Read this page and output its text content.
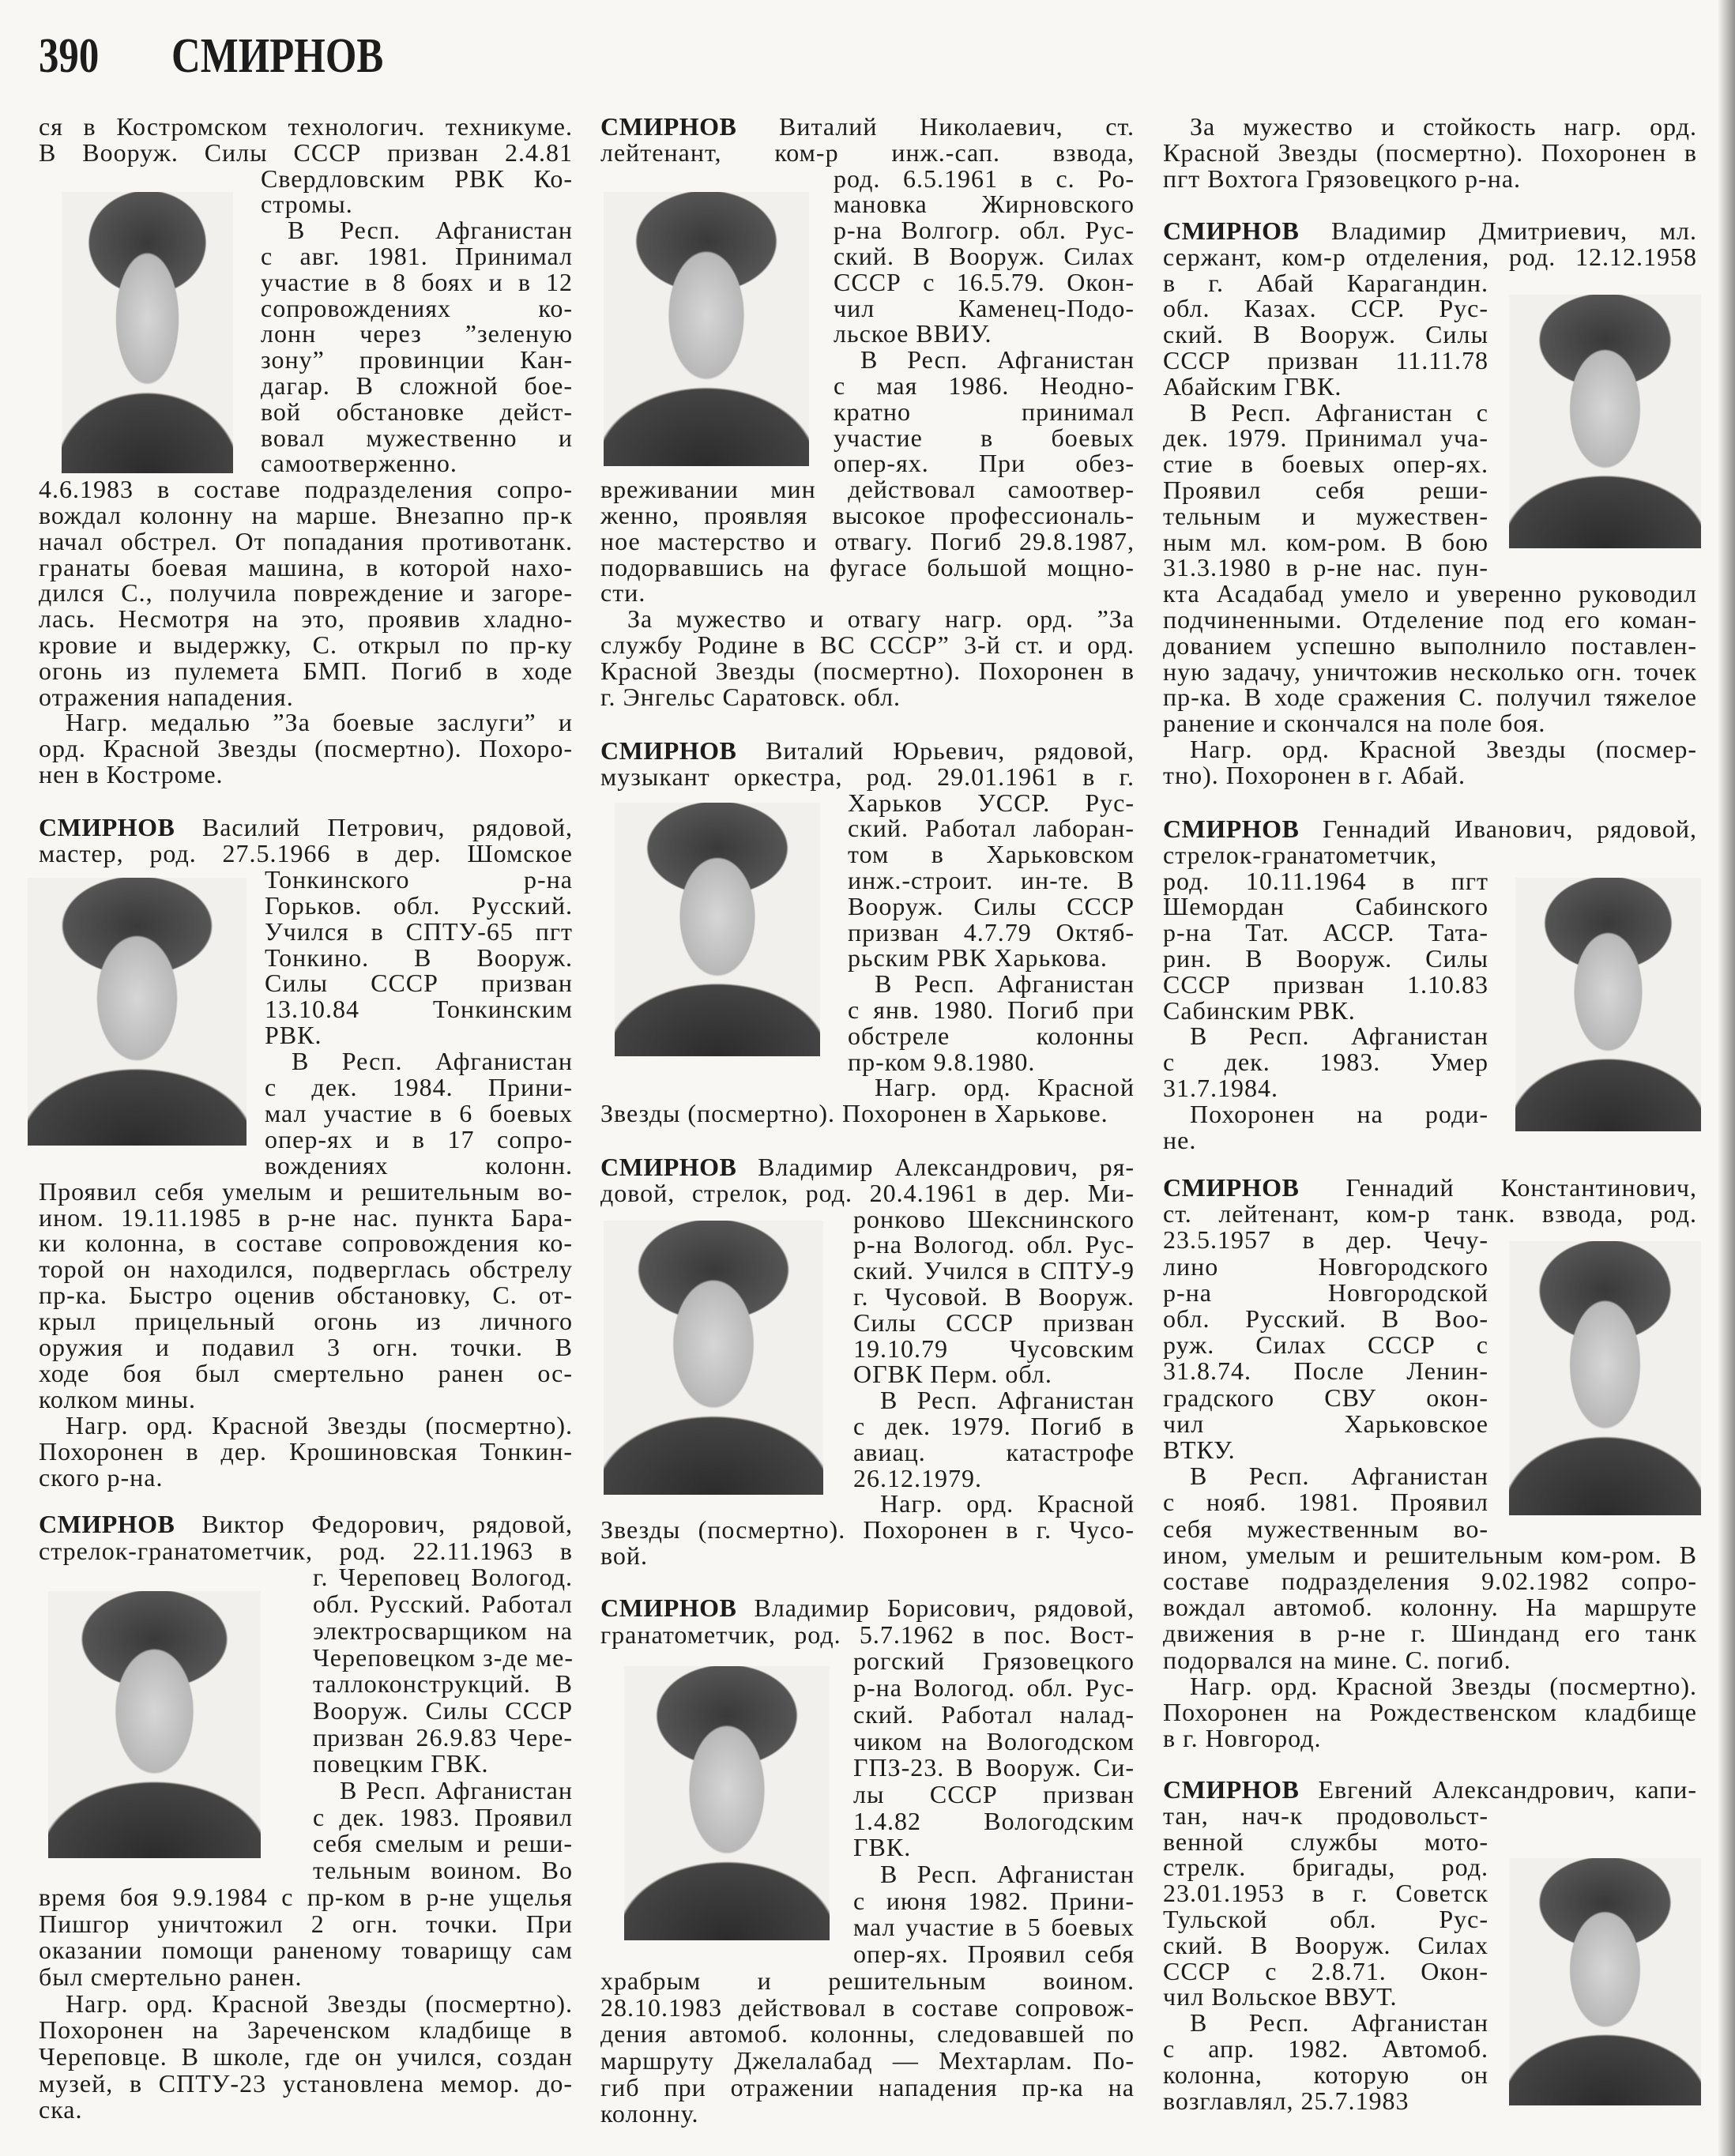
390 СМИРНОВ
ся в Костромском технологич. техникуме.
В Вооруж. Силы СССР призван 2.4.81
Свердловским РВК Ко-
стромы.
В Респ. Афганистан
с авг. 1981. Принимал
участие в 8 боях и в 12
сопровождениях ко-
лонн через ”зеленую
зону” провинции Кан-
дагар. В сложной бое-
вой обстановке дейст-
вовал мужественно и
самоотверженно.
4.6.1983 в составе подразделения сопро-
вождал колонну на марше. Внезапно пр-к
начал обстрел. От попадания противотанк.
гранаты боевая машина, в которой нахо-
дился С., получила повреждение и загоре-
лась. Несмотря на это, проявив хладно-
кровие и выдержку, С. открыл по пр-ку
огонь из пулемета БМП. Погиб в ходе
отражения нападения.
Нагр. медалью ”За боевые заслуги” и
орд. Красной Звезды (посмертно). Похоро-
нен в Костроме.
СМИРНОВ Василий Петрович, рядовой,
мастер, род. 27.5.1966 в дер. Шомское
Тонкинского р-на
Горьков. обл. Русский.
Учился в СПТУ-65 пгт
Тонкино. В Вооруж.
Силы СССР призван
13.10.84 Тонкинским
РВК.
В Респ. Афганистан
с дек. 1984. Прини-
мал участие в 6 боевых
опер-ях и в 17 сопро-
вождениях колонн.
Проявил себя умелым и решительным во-
ином. 19.11.1985 в р-не нас. пункта Бара-
ки колонна, в составе сопровождения ко-
торой он находился, подверглась обстрелу
пр-ка. Быстро оценив обстановку, С. от-
крыл прицельный огонь из личного
оружия и подавил 3 огн. точки. В
ходе боя был смертельно ранен ос-
колком мины.
Нагр. орд. Красной Звезды (посмертно).
Похоронен в дер. Крошиновская Тонкин-
ского р-на.
СМИРНОВ Виктор Федорович, рядовой,
стрелок-гранатометчик, род. 22.11.1963 в
г. Череповец Вологод.
обл. Русский. Работал
электросварщиком на
Череповецком з-де ме-
таллоконструкций. В
Вооруж. Силы СССР
призван 26.9.83 Чере-
повецким ГВК.
В Респ. Афганистан
с дек. 1983. Проявил
себя смелым и реши-
тельным воином. Во
время боя 9.9.1984 с пр-ком в р-не ущелья
Пишгор уничтожил 2 огн. точки. При
оказании помощи раненому товарищу сам
был смертельно ранен.
Нагр. орд. Красной Звезды (посмертно).
Похоронен на Зареченском кладбище в
Череповце. В школе, где он учился, создан
музей, в СПТУ-23 установлена мемор. до-
ска.
СМИРНОВ Виталий Николаевич, ст.
лейтенант, ком-р инж.-сап. взвода,
род. 6.5.1961 в с. Ро-
мановка Жирновского
р-на Волгогр. обл. Рус-
ский. В Вооруж. Силах
СССР с 16.5.79. Окон-
чил Каменец-Подо-
льское ВВИУ.
В Респ. Афганистан
с мая 1986. Неодно-
кратно принимал
участие в боевых
опер-ях. При обез-
вреживании мин действовал самоотвер-
женно, проявляя высокое профессиональ-
ное мастерство и отвагу. Погиб 29.8.1987,
подорвавшись на фугасе большой мощно-
сти.
За мужество и отвагу нагр. орд. ”За
службу Родине в ВС СССР” 3-й ст. и орд.
Красной Звезды (посмертно). Похоронен в
г. Энгельс Саратовск. обл.
СМИРНОВ Виталий Юрьевич, рядовой,
музыкант оркестра, род. 29.01.1961 в г.
Харьков УССР. Рус-
ский. Работал лаборан-
том в Харьковском
инж.-строит. ин-те. В
Вооруж. Силы СССР
призван 4.7.79 Октяб-
рьским РВК Харькова.
В Респ. Афганистан
с янв. 1980. Погиб при
обстреле колонны
пр-ком 9.8.1980.
Нагр. орд. Красной
Звезды (посмертно). Похоронен в Харькове.
СМИРНОВ Владимир Александрович, ря-
довой, стрелок, род. 20.4.1961 в дер. Ми-
ронково Шекснинского
р-на Вологод. обл. Рус-
ский. Учился в СПТУ-9
г. Чусовой. В Вооруж.
Силы СССР призван
19.10.79 Чусовским
ОГВК Перм. обл.
В Респ. Афганистан
с дек. 1979. Погиб в
авиац. катастрофе
26.12.1979.
Нагр. орд. Красной
Звезды (посмертно). Похоронен в г. Чусо-
вой.
СМИРНОВ Владимир Борисович, рядовой,
гранатометчик, род. 5.7.1962 в пос. Вост-
рогский Грязовецкого
р-на Вологод. обл. Рус-
ский. Работал налад-
чиком на Вологодском
ГПЗ-23. В Вооруж. Си-
лы СССР призван
1.4.82 Вологодским
ГВК.
В Респ. Афганистан
с июня 1982. Прини-
мал участие в 5 боевых
опер-ях. Проявил себя
храбрым и решительным воином.
28.10.1983 действовал в составе сопровож-
дения автомоб. колонны, следовавшей по
маршруту Джелалабад — Мехтарлам. По-
гиб при отражении нападения пр-ка на
колонну.
За мужество и стойкость нагр. орд.
Красной Звезды (посмертно). Похоронен в
пгт Вохтога Грязовецкого р-на.
СМИРНОВ Владимир Дмитриевич, мл.
сержант, ком-р отделения, род. 12.12.1958
в г. Абай Карагандин.
обл. Казах. ССР. Рус-
ский. В Вооруж. Силы
СССР призван 11.11.78
Абайским ГВК.
В Респ. Афганистан с
дек. 1979. Принимал уча-
стие в боевых опер-ях.
Проявил себя реши-
тельным и мужествен-
ным мл. ком-ром. В бою
31.3.1980 в р-не нас. пун-
кта Асадабад умело и уверенно руководил
подчиненными. Отделение под его коман-
дованием успешно выполнило поставлен-
ную задачу, уничтожив несколько огн. точек
пр-ка. В ходе сражения С. получил тяжелое
ранение и скончался на поле боя.
Нагр. орд. Красной Звезды (посмер-
тно). Похоронен в г. Абай.
СМИРНОВ Геннадий Иванович, рядовой,
стрелок-гранатометчик,
род. 10.11.1964 в пгт
Шемордан Сабинского
р-на Тат. АССР. Тата-
рин. В Вооруж. Силы
СССР призван 1.10.83
Сабинским РВК.
В Респ. Афганистан
с дек. 1983. Умер
31.7.1984.
Похоронен на роди-
не.
СМИРНОВ Геннадий Константинович,
ст. лейтенант, ком-р танк. взвода, род.
23.5.1957 в дер. Чечу-
лино Новгородского
р-на Новгородской
обл. Русский. В Воо-
руж. Силах СССР с
31.8.74. После Ленин-
градского СВУ окон-
чил Харьковское
ВТКУ.
В Респ. Афганистан
с нояб. 1981. Проявил
себя мужественным во-
ином, умелым и решительным ком-ром. В
составе подразделения 9.02.1982 сопро-
вождал автомоб. колонну. На маршруте
движения в р-не г. Шинданд его танк
подорвался на мине. С. погиб.
Нагр. орд. Красной Звезды (посмертно).
Похоронен на Рождественском кладбище
в г. Новгород.
СМИРНОВ Евгений Александрович, капи-
тан, нач-к продовольст-
венной службы мото-
стрелк. бригады, род.
23.01.1953 в г. Советск
Тульской обл. Рус-
ский. В Вооруж. Силах
СССР с 2.8.71. Окон-
чил Вольское ВВУТ.
В Респ. Афганистан
с апр. 1982. Автомоб.
колонна, которую он
возглавлял, 25.7.1983
